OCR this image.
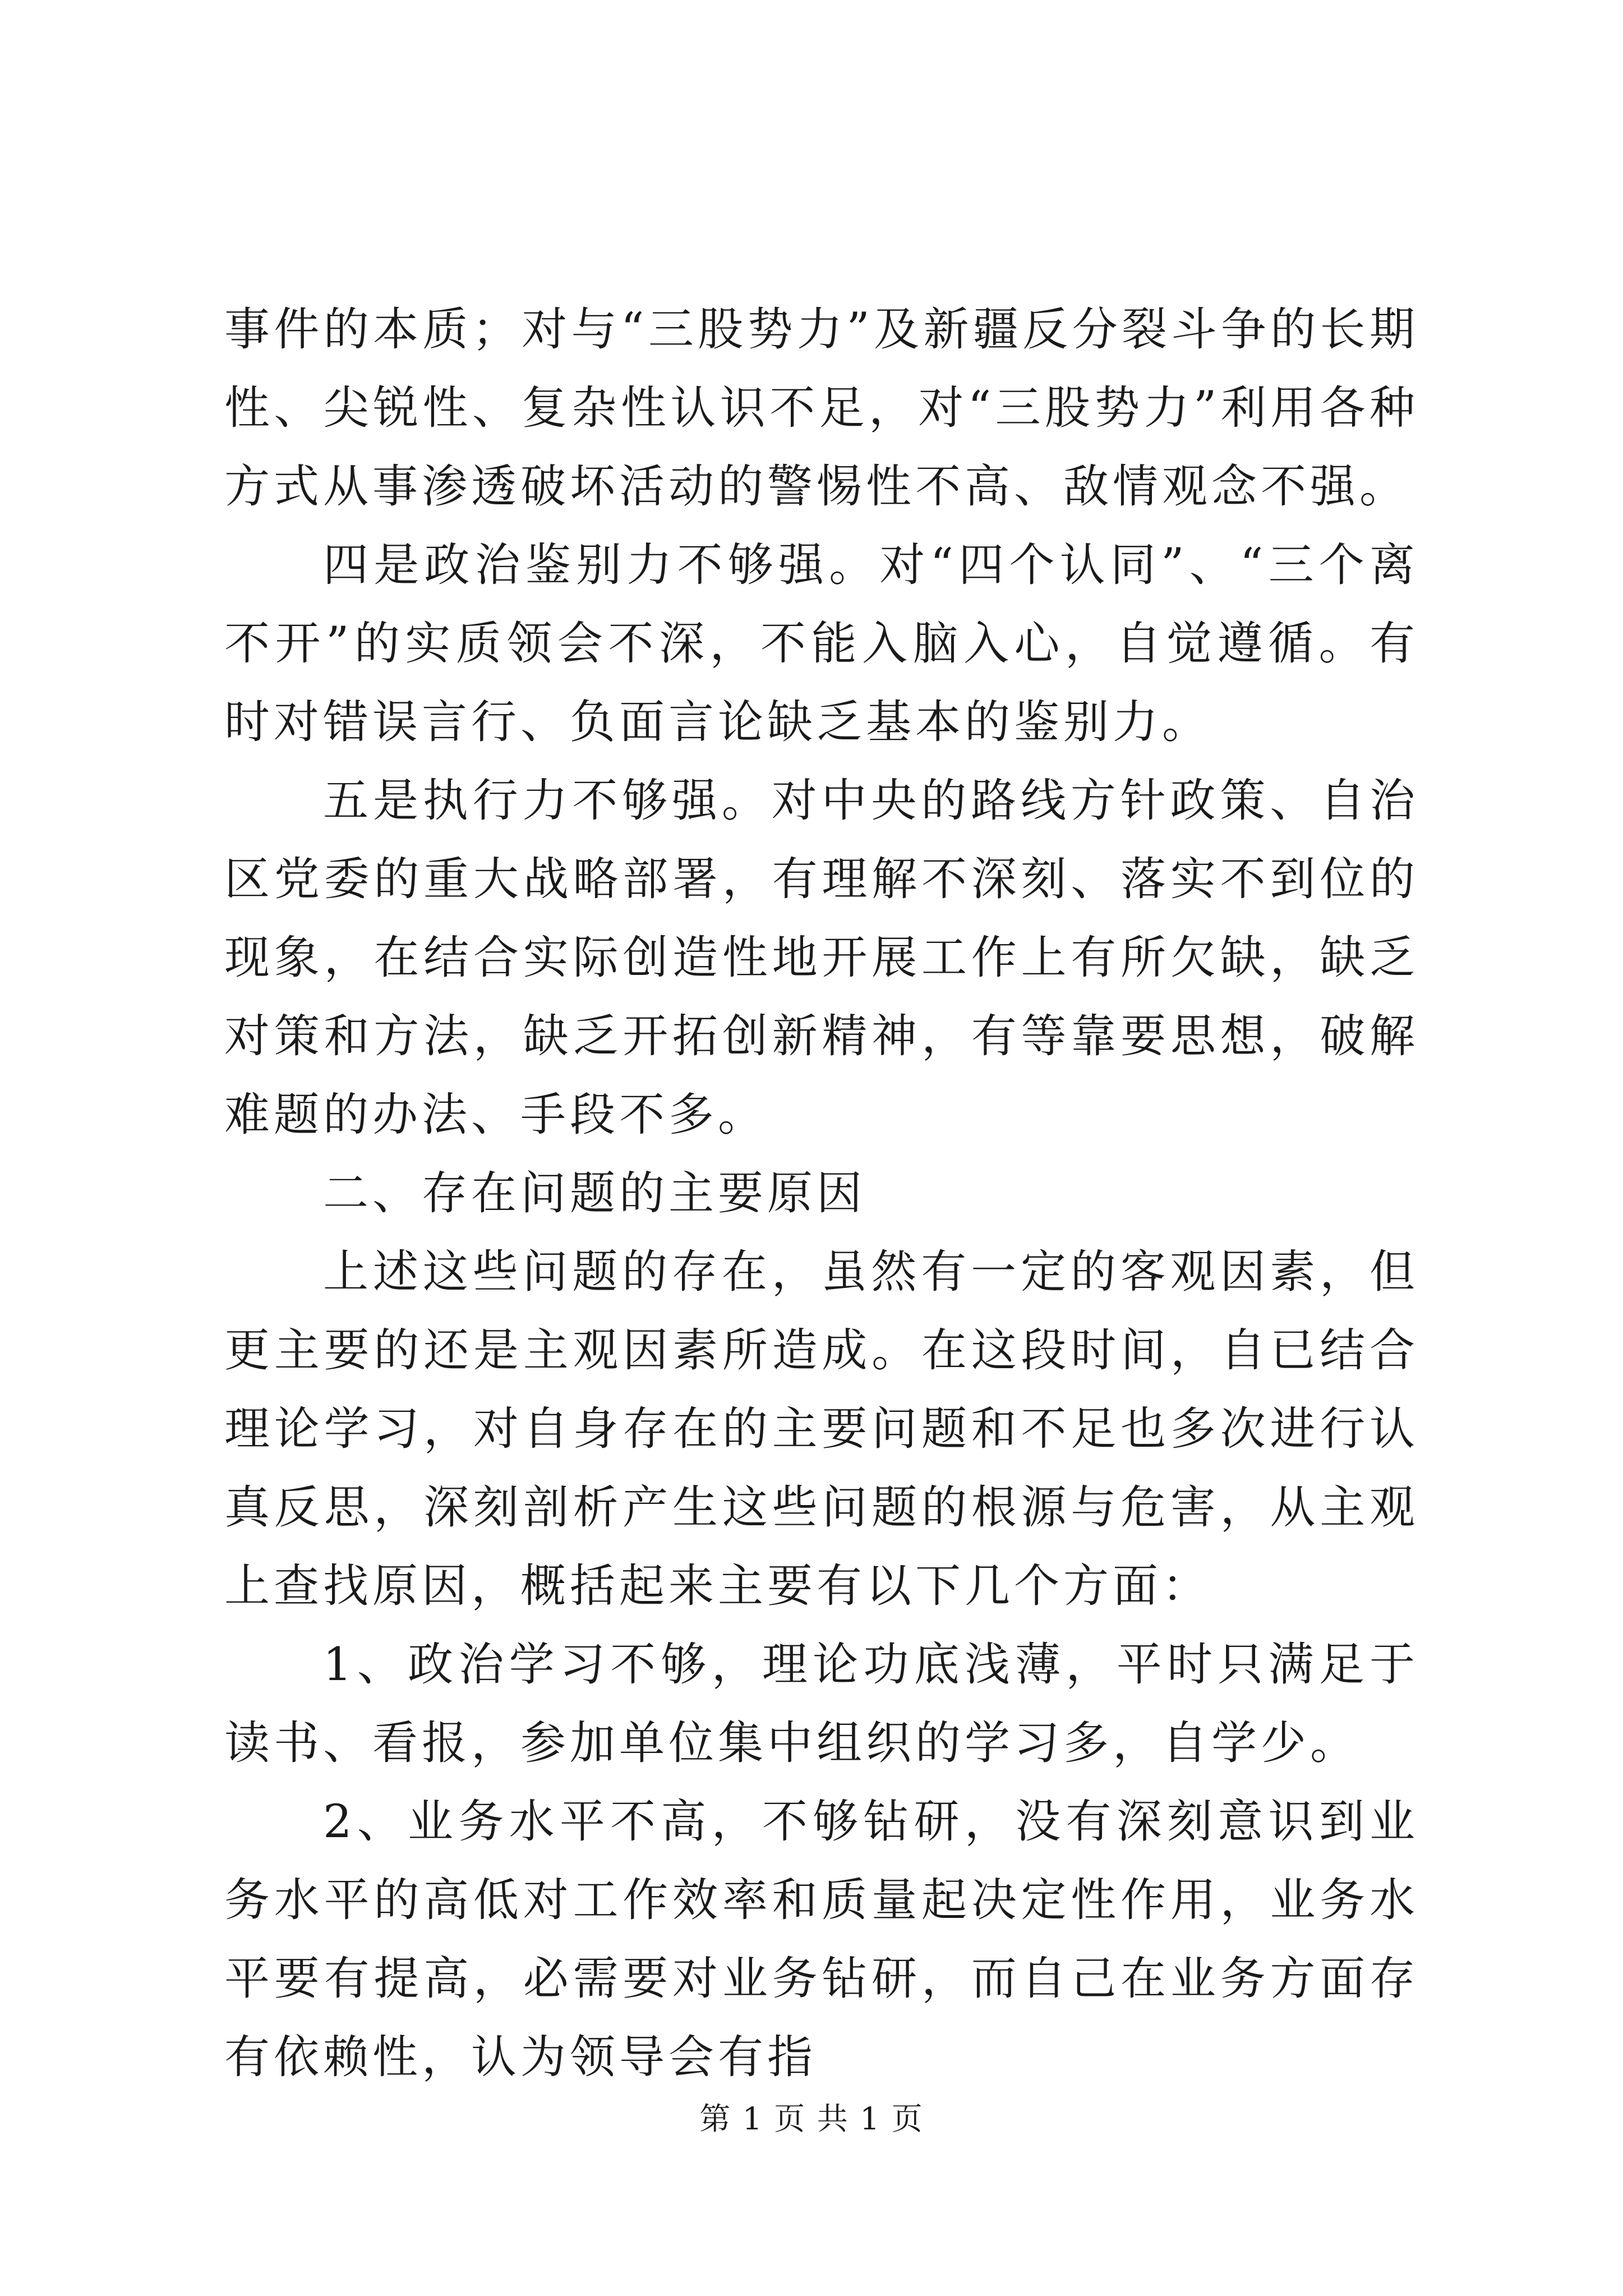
事件的本质；对与“三股势力”及新疆反分裂斗争的长期性、尖锐性、复杂性认识不足，对“三股势力”利用各种方式从事渗透破坏活动的警惕性不高、敌情观念不强。

四是政治鉴别力不够强。对“四个认同”、“三个离不开”的实质领会不深，不能入脑入心，自觉遵循。有时对错误言行、负面言论缺乏基本的鉴别力。

五是执行力不够强。对中央的路线方针政策、自治区党委的重大战略部署，有理解不深刻、落实不到位的现象，在结合实际创造性地开展工作上有所欠缺，缺乏对策和方法，缺乏开拓创新精神，有等靠要思想，破解难题的办法、手段不多。

二、存在问题的主要原因

上述这些问题的存在，虽然有一定的客观因素，但更主要的还是主观因素所造成。在这段时间，自已结合理论学习，对自身存在的主要问题和不足也多次进行认真反思，深刻剖析产生这些问题的根源与危害，从主观上查找原因，概括起来主要有以下几个方面：

1、政治学习不够，理论功底浅薄，平时只满足于读书、看报，参加单位集中组织的学习多，自学少。

2、业务水平不高，不够钻研，没有深刻意识到业务水平的高低对工作效率和质量起决定性作用，业务水平要有提高，必需要对业务钻研，而自己在业务方面存有依赖性，认为领导会有指

第 1 页 共 1 页
